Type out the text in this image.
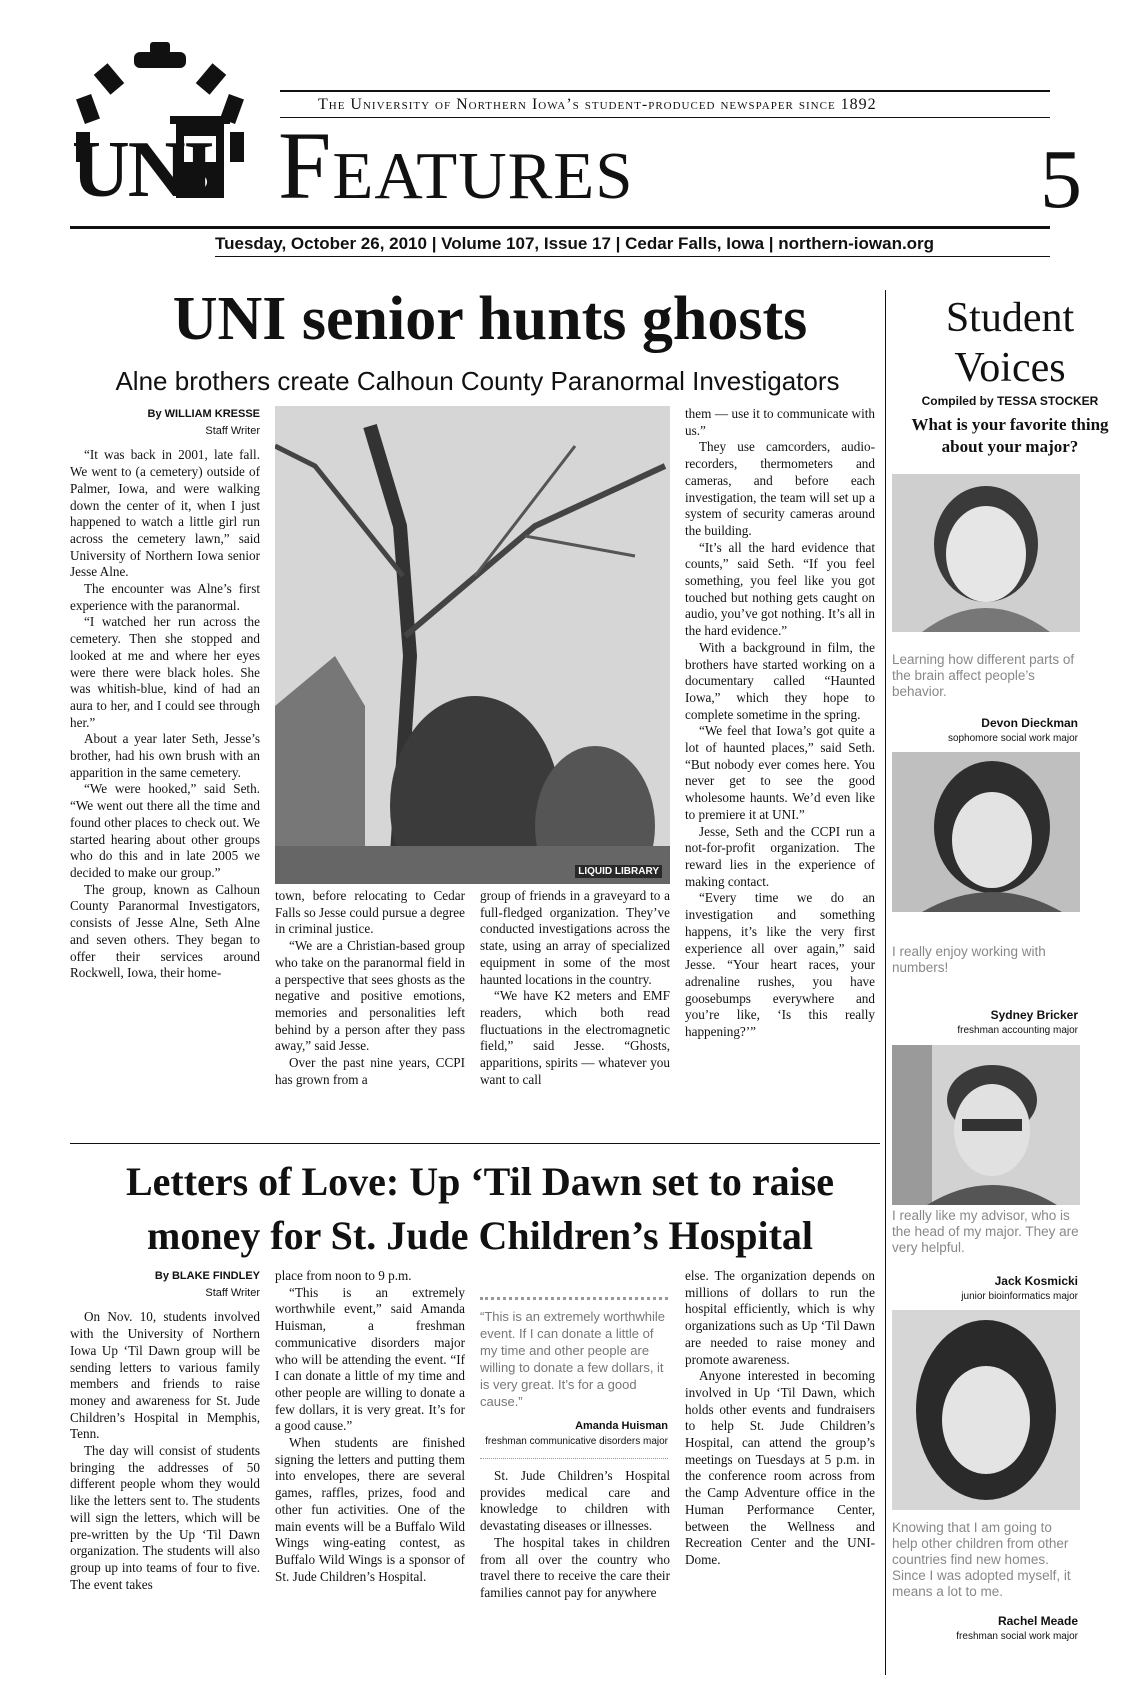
UNI
The University of Northern Iowa’s student-produced newspaper since 1892
Features	5
Tuesday, October 26, 2010 | Volume 107, Issue 17 | Cedar Falls, Iowa | northern-iowan.org
UNI senior hunts ghosts
Alne brothers create Calhoun County Paranormal Investigators
By WILLIAM KRESSE
Staff Writer

“It was back in 2001, late fall. We went to (a cemetery) outside of Palmer, Iowa, and were walking down the center of it, when I just happened to watch a little girl run across the cemetery lawn,” said University of Northern Iowa senior Jesse Alne.

The encounter was Alne’s first experience with the paranormal.

“I watched her run across the cemetery. Then she stopped and looked at me and where her eyes were there were black holes. She was whitish-blue, kind of had an aura to her, and I could see through her.”

About a year later Seth, Jesse’s brother, had his own brush with an apparition in the same cemetery.

“We were hooked,” said Seth. “We went out there all the time and found other places to check out. We started hearing about other groups who do this and in late 2005 we decided to make our group.”

The group, known as Calhoun County Paranormal Investigators, consists of Jesse Alne, Seth Alne and seven others. They began to offer their services around Rockwell, Iowa, their home-

LIQUID LIBRARY

town, before relocating to Cedar Falls so Jesse could pursue a degree in criminal justice.

“We are a Christian-based group who take on the paranormal field in a perspective that sees ghosts as the negative and positive emotions, memories and personalities left behind by a person after they pass away,” said Jesse.

Over the past nine years, CCPI has grown from a

group of friends in a graveyard to a full-fledged organization. They’ve conducted investigations across the state, using an array of specialized equipment in some of the most haunted locations in the country.

“We have K2 meters and EMF readers, which both read fluctuations in the electromagnetic field,” said Jesse. “Ghosts, apparitions, spirits — whatever you want to call

them — use it to communicate with us.”

They use camcorders, audio-recorders, thermometers and cameras, and before each investigation, the team will set up a system of security cameras around the building.

“It’s all the hard evidence that counts,” said Seth. “If you feel something, you feel like you got touched but nothing gets caught on audio, you’ve got nothing. It’s all in the hard evidence.”

With a background in film, the brothers have started working on a documentary called “Haunted Iowa,” which they hope to complete sometime in the spring.

“We feel that Iowa’s got quite a lot of haunted places,” said Seth. “But nobody ever comes here. You never get to see the good wholesome haunts. We’d even like to premiere it at UNI.”

Jesse, Seth and the CCPI run a not-for-profit organization. The reward lies in the experience of making contact.

“Every time we do an investigation and something happens, it’s like the very first experience all over again,” said Jesse. “Your heart races, your adrenaline rushes, you have goosebumps everywhere and you’re like, ‘Is this really happening?’”

Letters of Love: Up ‘Til Dawn set to raise
money for St. Jude Children’s Hospital
By BLAKE FINDLEY
Staff Writer

On Nov. 10, students involved with the University of Northern Iowa Up ‘Til Dawn group will be sending letters to various family members and friends to raise money and awareness for St. Jude Children’s Hospital in Memphis, Tenn.

The day will consist of students bringing the addresses of 50 different people whom they would like the letters sent to. The students will sign the letters, which will be pre-written by the Up ‘Til Dawn organization. The students will also group up into teams of four to five. The event takes

place from noon to 9 p.m.

“This is an extremely worthwhile event,” said Amanda Huisman, a freshman communicative disorders major who will be attending the event. “If I can donate a little of my time and other people are willing to donate a few dollars, it is very great. It’s for a good cause.”

When students are finished signing the letters and putting them into envelopes, there are several games, raffles, prizes, food and other fun activities. One of the main events will be a Buffalo Wild Wings wing-eating contest, as Buffalo Wild Wings is a sponsor of St. Jude Children’s Hospital.

“This is an extremely worthwhile event. If I can donate a little of my time and other people are willing to donate a few dollars, it is very great. It’s for a good cause.”
Amanda Huisman
freshman communicative disorders major

St. Jude Children’s Hospital provides medical care and knowledge to children with devastating diseases or illnesses.

The hospital takes in children from all over the country who travel there to receive the care their families cannot pay for anywhere

else. The organization depends on millions of dollars to run the hospital efficiently, which is why organizations such as Up ‘Til Dawn are needed to raise money and promote awareness.

Anyone interested in becoming involved in Up ‘Til Dawn, which holds other events and fundraisers to help St. Jude Children’s Hospital, can attend the group’s meetings on Tuesdays at 5 p.m. in the conference room across from the Camp Adventure office in the Human Performance Center, between the Wellness and Recreation Center and the UNI-Dome.

Student
Voices
Compiled by TESSA STOCKER
What is your favorite thing about your major?
Learning how different parts of the brain affect people’s behavior.
Devon Dieckman
sophomore social work major
I really enjoy working with numbers!
Sydney Bricker
freshman accounting major
I really like my advisor, who is the head of my major. They are very helpful.
Jack Kosmicki
junior bioinformatics major
Knowing that I am going to help other children from other countries find new homes. Since I was adopted myself, it means a lot to me.
Rachel Meade
freshman social work major
